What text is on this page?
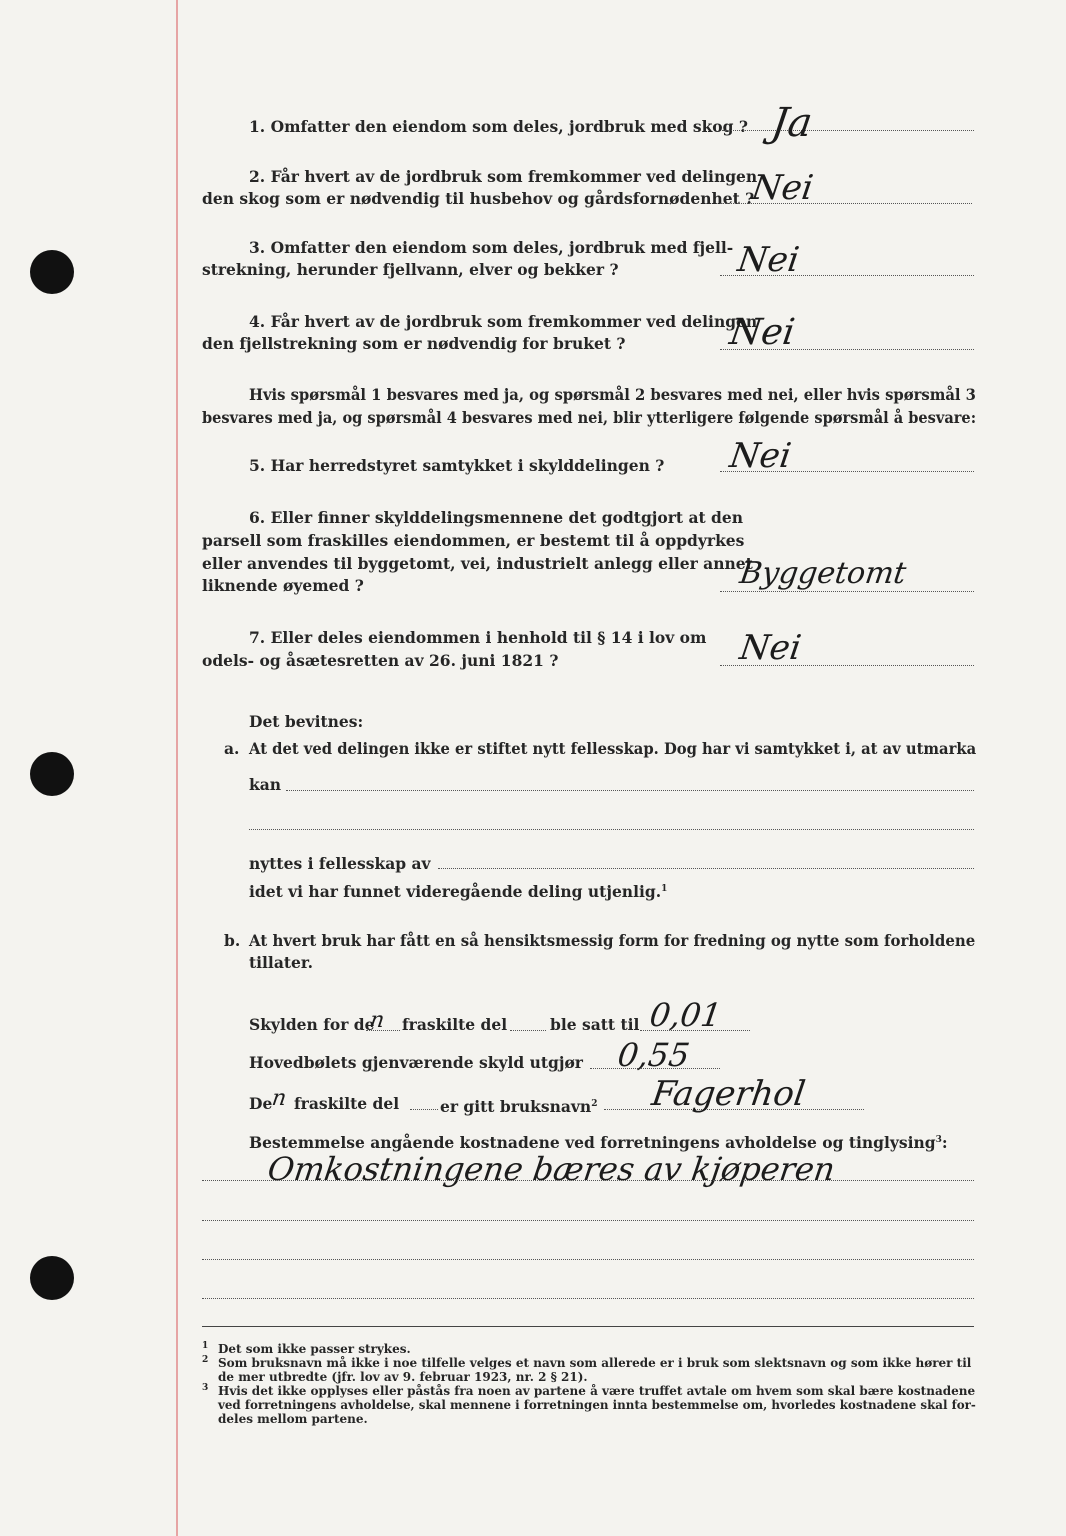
1. Omfatter den eiendom som deles, jordbruk med skog ? Ja
2. Får hvert av de jordbruk som fremkommer ved delingen
den skog som er nødvendig til husbehov og gårdsfornødenhet ?
Nei
3. Omfatter den eiendom som deles, jordbruk med fjell-
strekning, herunder fjellvann, elver og bekker ?	Nei
4. Får hvert av de jordbruk som fremkommer ved delingen
den fjellstrekning som er nødvendig for bruket ?	Nei
Hvis spørsmål 1 besvares med ja, og spørsmål 2 besvares med nei, eller hvis spørsmål 3
besvares med ja, og spørsmål 4 besvares med nei, blir ytterligere følgende spørsmål å besvare:
5. Har herredstyret samtykket i skylddelingen ? Nei
6. Eller finner skylddelingsmennene det godtgjort at den
parsell som fraskilles eiendommen, er bestemt til å oppdyrkes
eller anvendes til byggetomt, vei, industrielt anlegg eller annet
liknende øyemed ?	Byggetomt
7. Eller deles eiendommen i henhold til § 14 i lov om
odels- og åsætesretten av 26. juni 1821 ?	Nei
Det bevitnes:
a. At det ved delingen ikke er stiftet nytt fellesskap. Dog har vi samtykket i, at av utmarka
kan
nyttes i fellesskap av
idet vi har funnet videregående deling utjenlig.$^1$
b. At hvert bruk har fått en så hensiktsmessig form for fredning og nytte som forholdene
tillater.
Skylden for de
n fraskilte del	ble satt til 0,01
Hovedbølets gjenværende skyld utgjør 0,55
De
n fraskilte del	er gitt bruksnavn$^2$ Fagerhol
Bestemmelse angående kostnadene ved forretningens avholdelse og tinglysing$^3$:
Omkostningene bæres av kjøperen
1 Det som ikke passer strykes.
2 Som bruksnavn må ikke i noe tilfelle velges et navn som allerede er i bruk som slektsnavn og som ikke hører til
de mer utbredte (jfr. lov av 9. februar 1923, nr. 2 § 21).
3 Hvis det ikke opplyses eller påstås fra noen av partene å være truffet avtale om hvem som skal bære kostnadene
ved forretningens avholdelse, skal mennene i forretningen innta bestemmelse om, hvorledes kostnadene skal for-
deles mellom partene.
